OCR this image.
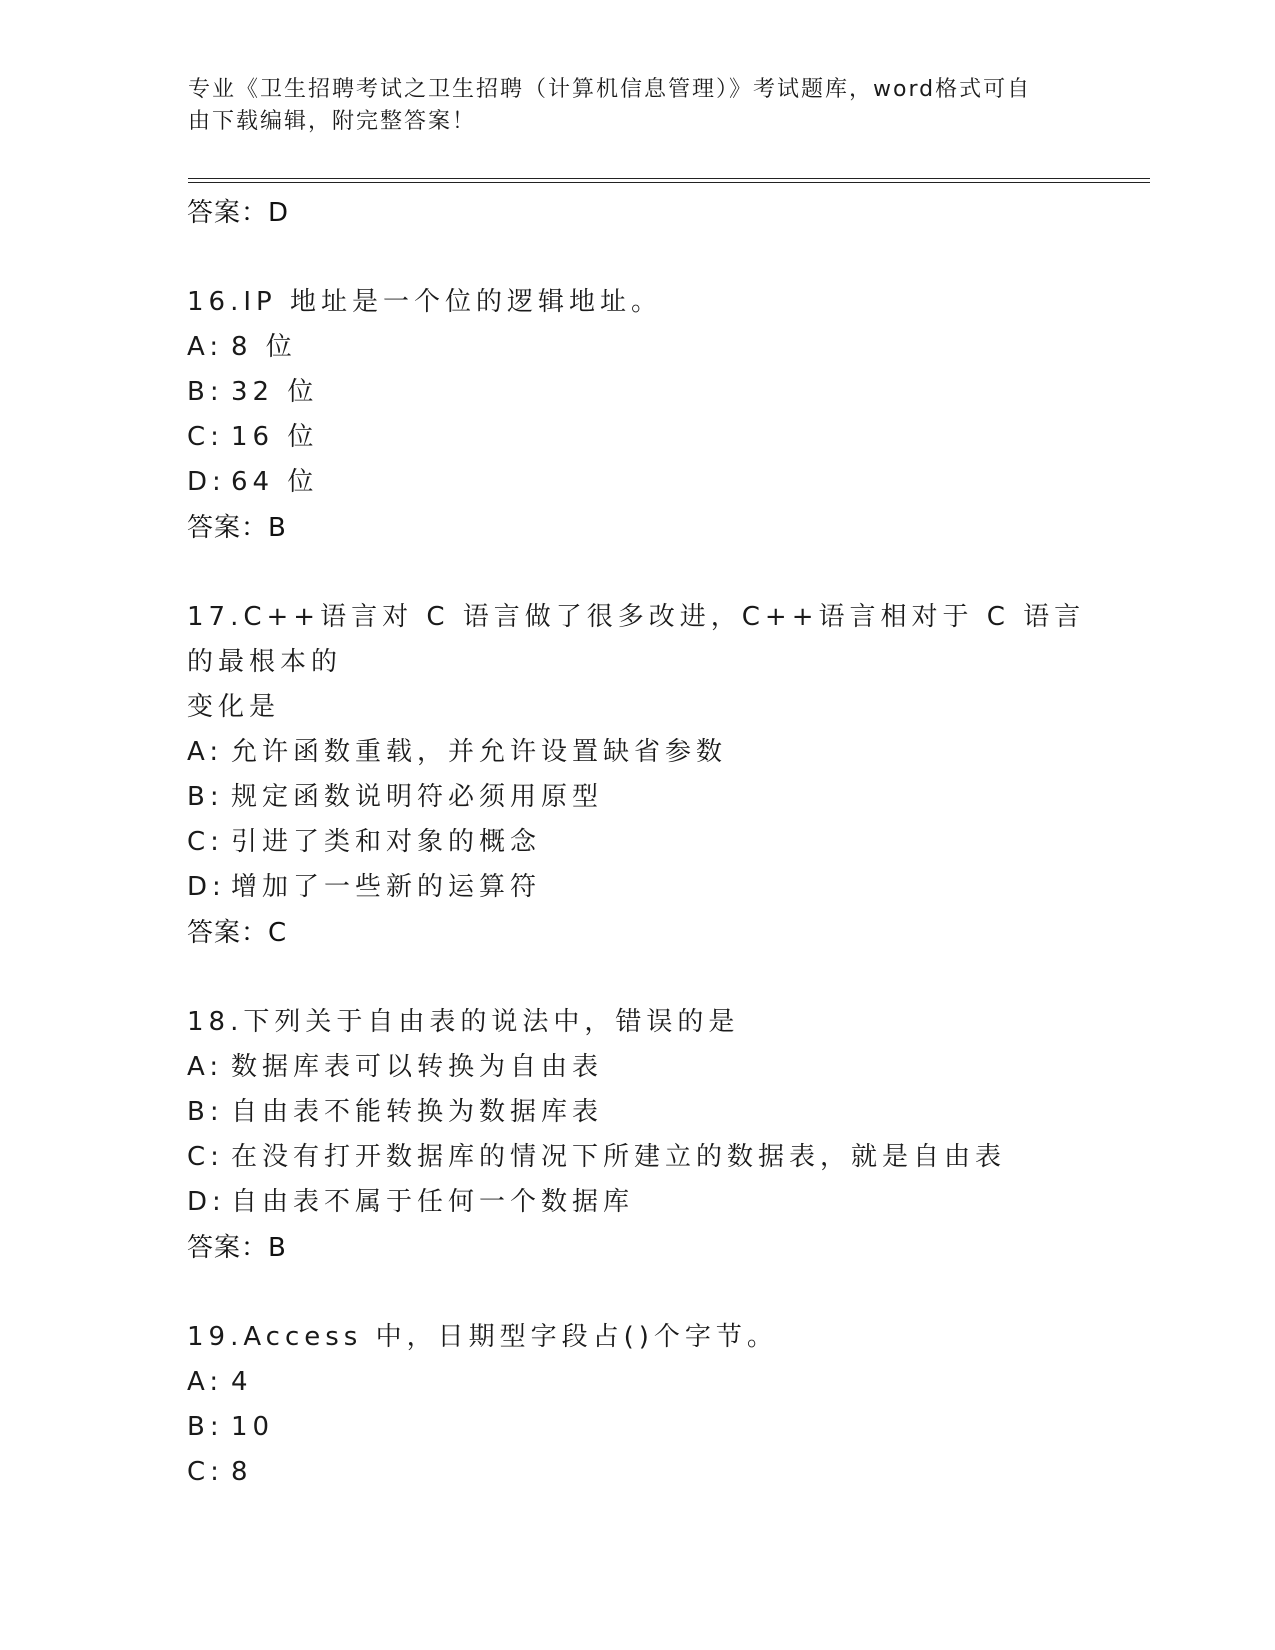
专业《卫生招聘考试之卫生招聘（计算机信息管理）》考试题库，word格式可自
由下载编辑，附完整答案！
答案：D
16.IP 地址是一个位的逻辑地址。
A: 8 位
B: 32 位
C: 16 位
D: 64 位
答案：B
17.C++语言对 C 语言做了很多改进，C++语言相对于 C 语言的最根本的
变化是
A: 允许函数重载，并允许设置缺省参数
B: 规定函数说明符必须用原型
C: 引进了类和对象的概念
D: 增加了一些新的运算符
答案：C
18.下列关于自由表的说法中，错误的是
A: 数据库表可以转换为自由表
B: 自由表不能转换为数据库表
C: 在没有打开数据库的情况下所建立的数据表，就是自由表
D: 自由表不属于任何一个数据库
答案：B
19.Access 中，日期型字段占()个字节。
A: 4
B: 10
C: 8
